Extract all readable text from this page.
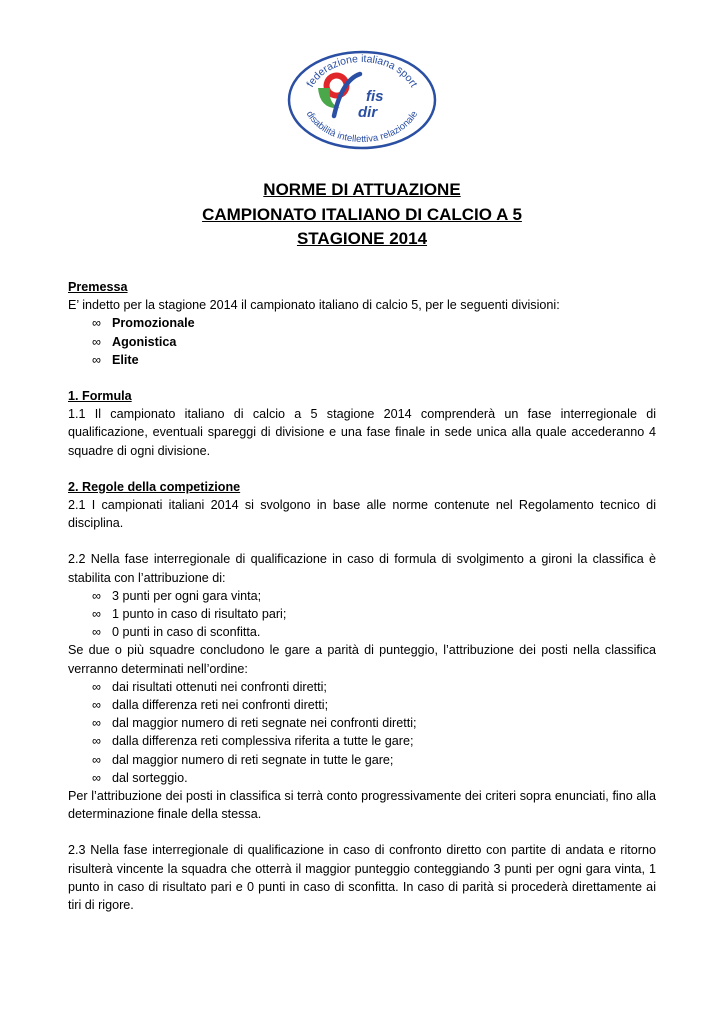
federazione italiana sport
disabilità intellettiva relazionale
fis
dir
NORME DI ATTUAZIONE
CAMPIONATO ITALIANO DI CALCIO A 5
STAGIONE 2014

Premessa

E’ indetto per la stagione 2014 il campionato italiano di calcio 5, per le seguenti divisioni:

∞ Promozionale
∞ Agonistica
∞ Elite

1. Formula

1.1 Il campionato italiano di calcio a 5 stagione 2014 comprenderà un fase interregionale di qualificazione, eventuali spareggi di divisione e una fase finale in sede unica alla quale accederanno 4 squadre di ogni divisione.

2. Regole della competizione

2.1 I campionati italiani 2014 si svolgono in base alle norme contenute nel Regolamento tecnico di disciplina.

2.2 Nella fase interregionale di qualificazione in caso di formula di svolgimento a gironi la classifica è stabilita con l’attribuzione di:

∞ 3 punti per ogni gara vinta;
∞ 1 punto in caso di risultato pari;
∞ 0 punti in caso di sconfitta.

Se due o più squadre concludono le gare a parità di punteggio, l’attribuzione dei posti nella classifica verranno determinati nell’ordine:

∞ dai risultati ottenuti nei confronti diretti;
∞ dalla differenza reti nei confronti diretti;
∞ dal maggior numero di reti segnate nei confronti diretti;
∞ dalla differenza reti complessiva riferita a tutte le gare;
∞ dal maggior numero di reti segnate in tutte le gare;
∞ dal sorteggio.

Per l’attribuzione dei posti in classifica si terrà conto progressivamente dei criteri sopra enunciati, fino alla determinazione finale della stessa.

2.3 Nella fase interregionale di qualificazione in caso di confronto diretto con partite di andata e ritorno risulterà vincente la squadra che otterrà il maggior punteggio conteggiando 3 punti per ogni gara vinta, 1 punto in caso di risultato pari e 0 punti in caso di sconfitta. In caso di parità si procederà direttamente ai tiri di rigore.
